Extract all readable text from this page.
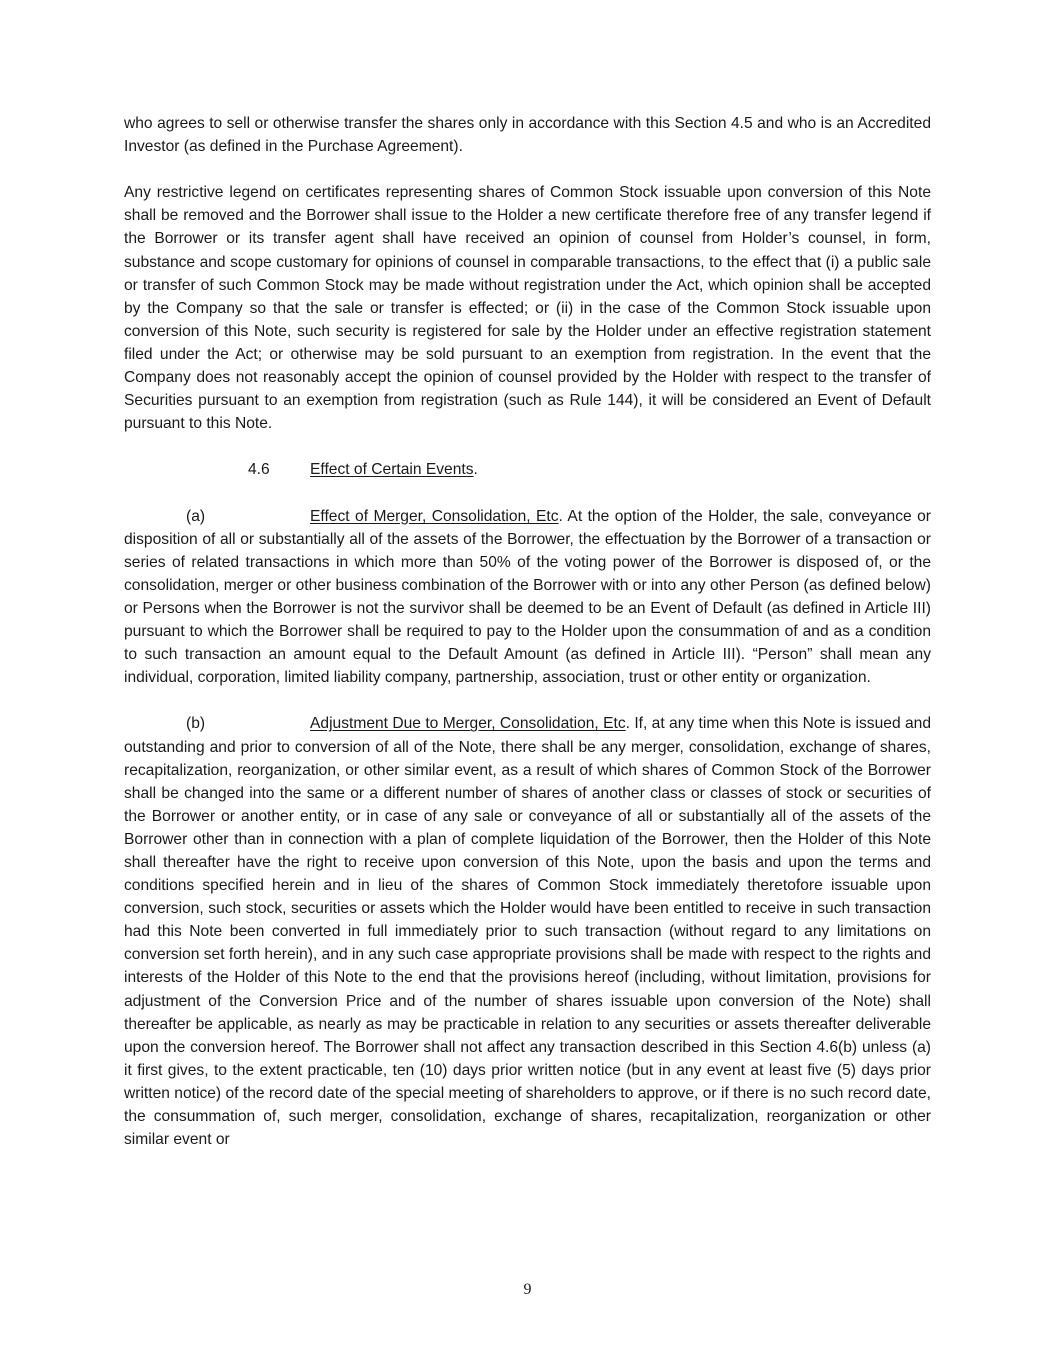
who agrees to sell or otherwise transfer the shares only in accordance with this Section 4.5 and who is an Accredited Investor (as defined in the Purchase Agreement).

Any restrictive legend on certificates representing shares of Common Stock issuable upon conversion of this Note shall be removed and the Borrower shall issue to the Holder a new certificate therefore free of any transfer legend if the Borrower or its transfer agent shall have received an opinion of counsel from Holder’s counsel, in form, substance and scope customary for opinions of counsel in comparable transactions, to the effect that (i) a public sale or transfer of such Common Stock may be made without registration under the Act, which opinion shall be accepted by the Company so that the sale or transfer is effected; or (ii) in the case of the Common Stock issuable upon conversion of this Note, such security is registered for sale by the Holder under an effective registration statement filed under the Act; or otherwise may be sold pursuant to an exemption from registration. In the event that the Company does not reasonably accept the opinion of counsel provided by the Holder with respect to the transfer of Securities pursuant to an exemption from registration (such as Rule 144), it will be considered an Event of Default pursuant to this Note.

4.6	Effect of Certain Events.

(a)	Effect of Merger, Consolidation, Etc. At the option of the Holder, the sale, conveyance or disposition of all or substantially all of the assets of the Borrower, the effectuation by the Borrower of a transaction or series of related transactions in which more than 50% of the voting power of the Borrower is disposed of, or the consolidation, merger or other business combination of the Borrower with or into any other Person (as defined below) or Persons when the Borrower is not the survivor shall be deemed to be an Event of Default (as defined in Article III) pursuant to which the Borrower shall be required to pay to the Holder upon the consummation of and as a condition to such transaction an amount equal to the Default Amount (as defined in Article III). “Person” shall mean any individual, corporation, limited liability company, partnership, association, trust or other entity or organization.

(b)	Adjustment Due to Merger, Consolidation, Etc. If, at any time when this Note is issued and outstanding and prior to conversion of all of the Note, there shall be any merger, consolidation, exchange of shares, recapitalization, reorganization, or other similar event, as a result of which shares of Common Stock of the Borrower shall be changed into the same or a different number of shares of another class or classes of stock or securities of the Borrower or another entity, or in case of any sale or conveyance of all or substantially all of the assets of the Borrower other than in connection with a plan of complete liquidation of the Borrower, then the Holder of this Note shall thereafter have the right to receive upon conversion of this Note, upon the basis and upon the terms and conditions specified herein and in lieu of the shares of Common Stock immediately theretofore issuable upon conversion, such stock, securities or assets which the Holder would have been entitled to receive in such transaction had this Note been converted in full immediately prior to such transaction (without regard to any limitations on conversion set forth herein), and in any such case appropriate provisions shall be made with respect to the rights and interests of the Holder of this Note to the end that the provisions hereof (including, without limitation, provisions for adjustment of the Conversion Price and of the number of shares issuable upon conversion of the Note) shall thereafter be applicable, as nearly as may be practicable in relation to any securities or assets thereafter deliverable upon the conversion hereof. The Borrower shall not affect any transaction described in this Section 4.6(b) unless (a) it first gives, to the extent practicable, ten (10) days prior written notice (but in any event at least five (5) days prior written notice) of the record date of the special meeting of shareholders to approve, or if there is no such record date, the consummation of, such merger, consolidation, exchange of shares, recapitalization, reorganization or other similar event or

9
